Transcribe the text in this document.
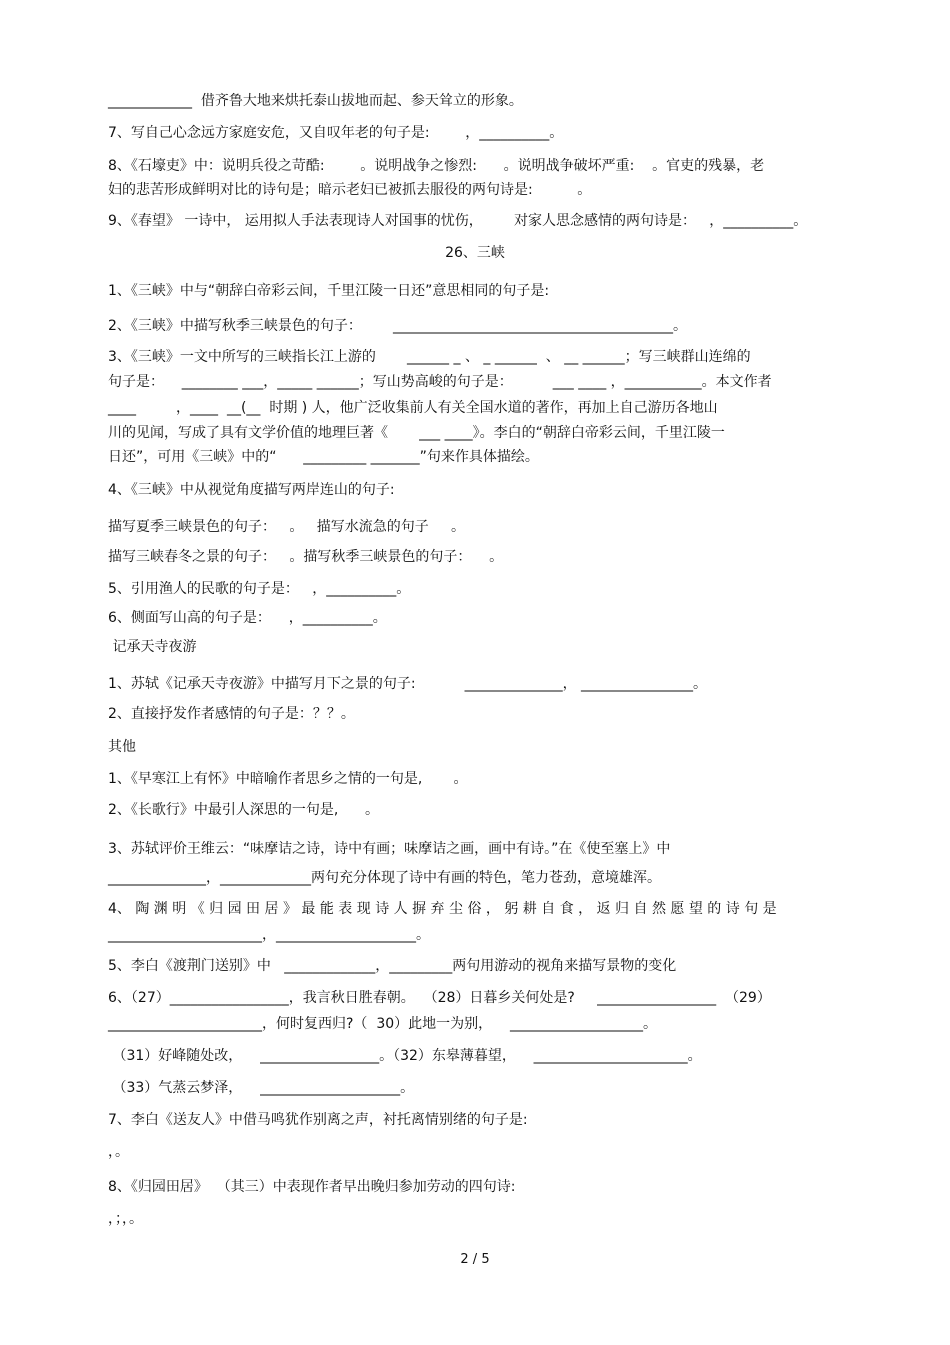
____________  借齐鲁大地来烘托泰山拔地而起、参天耸立的形象。
7、写自己心念远方家庭安危，又自叹年老的句子是:        ，__________。
8、《石壕吏》中：说明兵役之苛酷:        。说明战争之惨烈:      。说明战争破坏严重:    。官吏的残暴，老
妇的悲苦形成鲜明对比的诗句是；暗示老妇已被抓去服役的两句诗是:          。
9、《春望》 一诗中， 运用拟人手法表现诗人对国事的忧伤，       对家人思念感情的两句诗是：   ，__________。
26、三峡
1、《三峡》中与“朝辞白帝彩云间，千里江陵一日还”意思相同的句子是:
2、《三峡》中描写秋季三峡景色的句子：       ________________________________________。
3、《三峡》一文中所写的三峡指长江上游的       ______ _ 、 _ ______  、 __ ______；写三峡群山连绵的
句子是：    ________ ___，_____ ______；写山势高峻的句子是：         ___ ____ ，___________。本文作者
____         ，____  __(__  时期 ) 人，他广泛收集前人有关全国水道的著作，再加上自己游历各地山
川的见闻，写成了具有文学价值的地理巨著《       ___ ____》。李白的“朝辞白帝彩云间，千里江陵一
日还”，可用《三峡》中的“      _________ _______”句来作具体描绘。
4、《三峡》中从视觉角度描写两岸连山的句子:
描写夏季三峡景色的句子：   。   描写水流急的句子     。
描写三峡春冬之景的句子：   。描写秋季三峡景色的句子：    。
5、引用渔人的民歌的句子是：   ，__________。
6、侧面写山高的句子是：    ，__________。
记承天寺夜游
1、苏轼《记承天寺夜游》中描写月下之景的句子:           ______________， ________________。
2、直接抒发作者感情的句子是：？？。
其他
1、《早寒江上有怀》中暗喻作者思乡之情的一句是,       。
2、《长歌行》中最引人深思的一句是,      。
3、苏轼评价王维云：“味摩诘之诗，诗中有画；味摩诘之画，画中有诗。”在《使至塞上》中
______________，_____________两句充分体现了诗中有画的特色，笔力苍劲，意境雄浑。
4、 陶 渊 明 《 归 园 田 居 》 最 能 表 现 诗 人 摒 弃 尘 俗 ， 躬 耕 自 食 ， 返 归 自 然 愿 望 的 诗 句 是
______________________，____________________。
5、李白《渡荆门送别》中   _____________，_________两句用游动的视角来描写景物的变化
6、（27）_________________，我言秋日胜春朝。  （28）日暮乡关何处是?     _________________  （29）
______________________，何时复西归?（  30）此地一为别，    ___________________。
（31）好峰随处改，    _________________。（32）东皋薄暮望，    ______________________。
（33）气蒸云梦泽，    ____________________。
7、李白《送友人》中借马鸣犹作别离之声，衬托离情别绪的句子是:
，。
8、《归园田居》  （其三）中表现作者早出晚归参加劳动的四句诗:
，；，。
2 / 5
